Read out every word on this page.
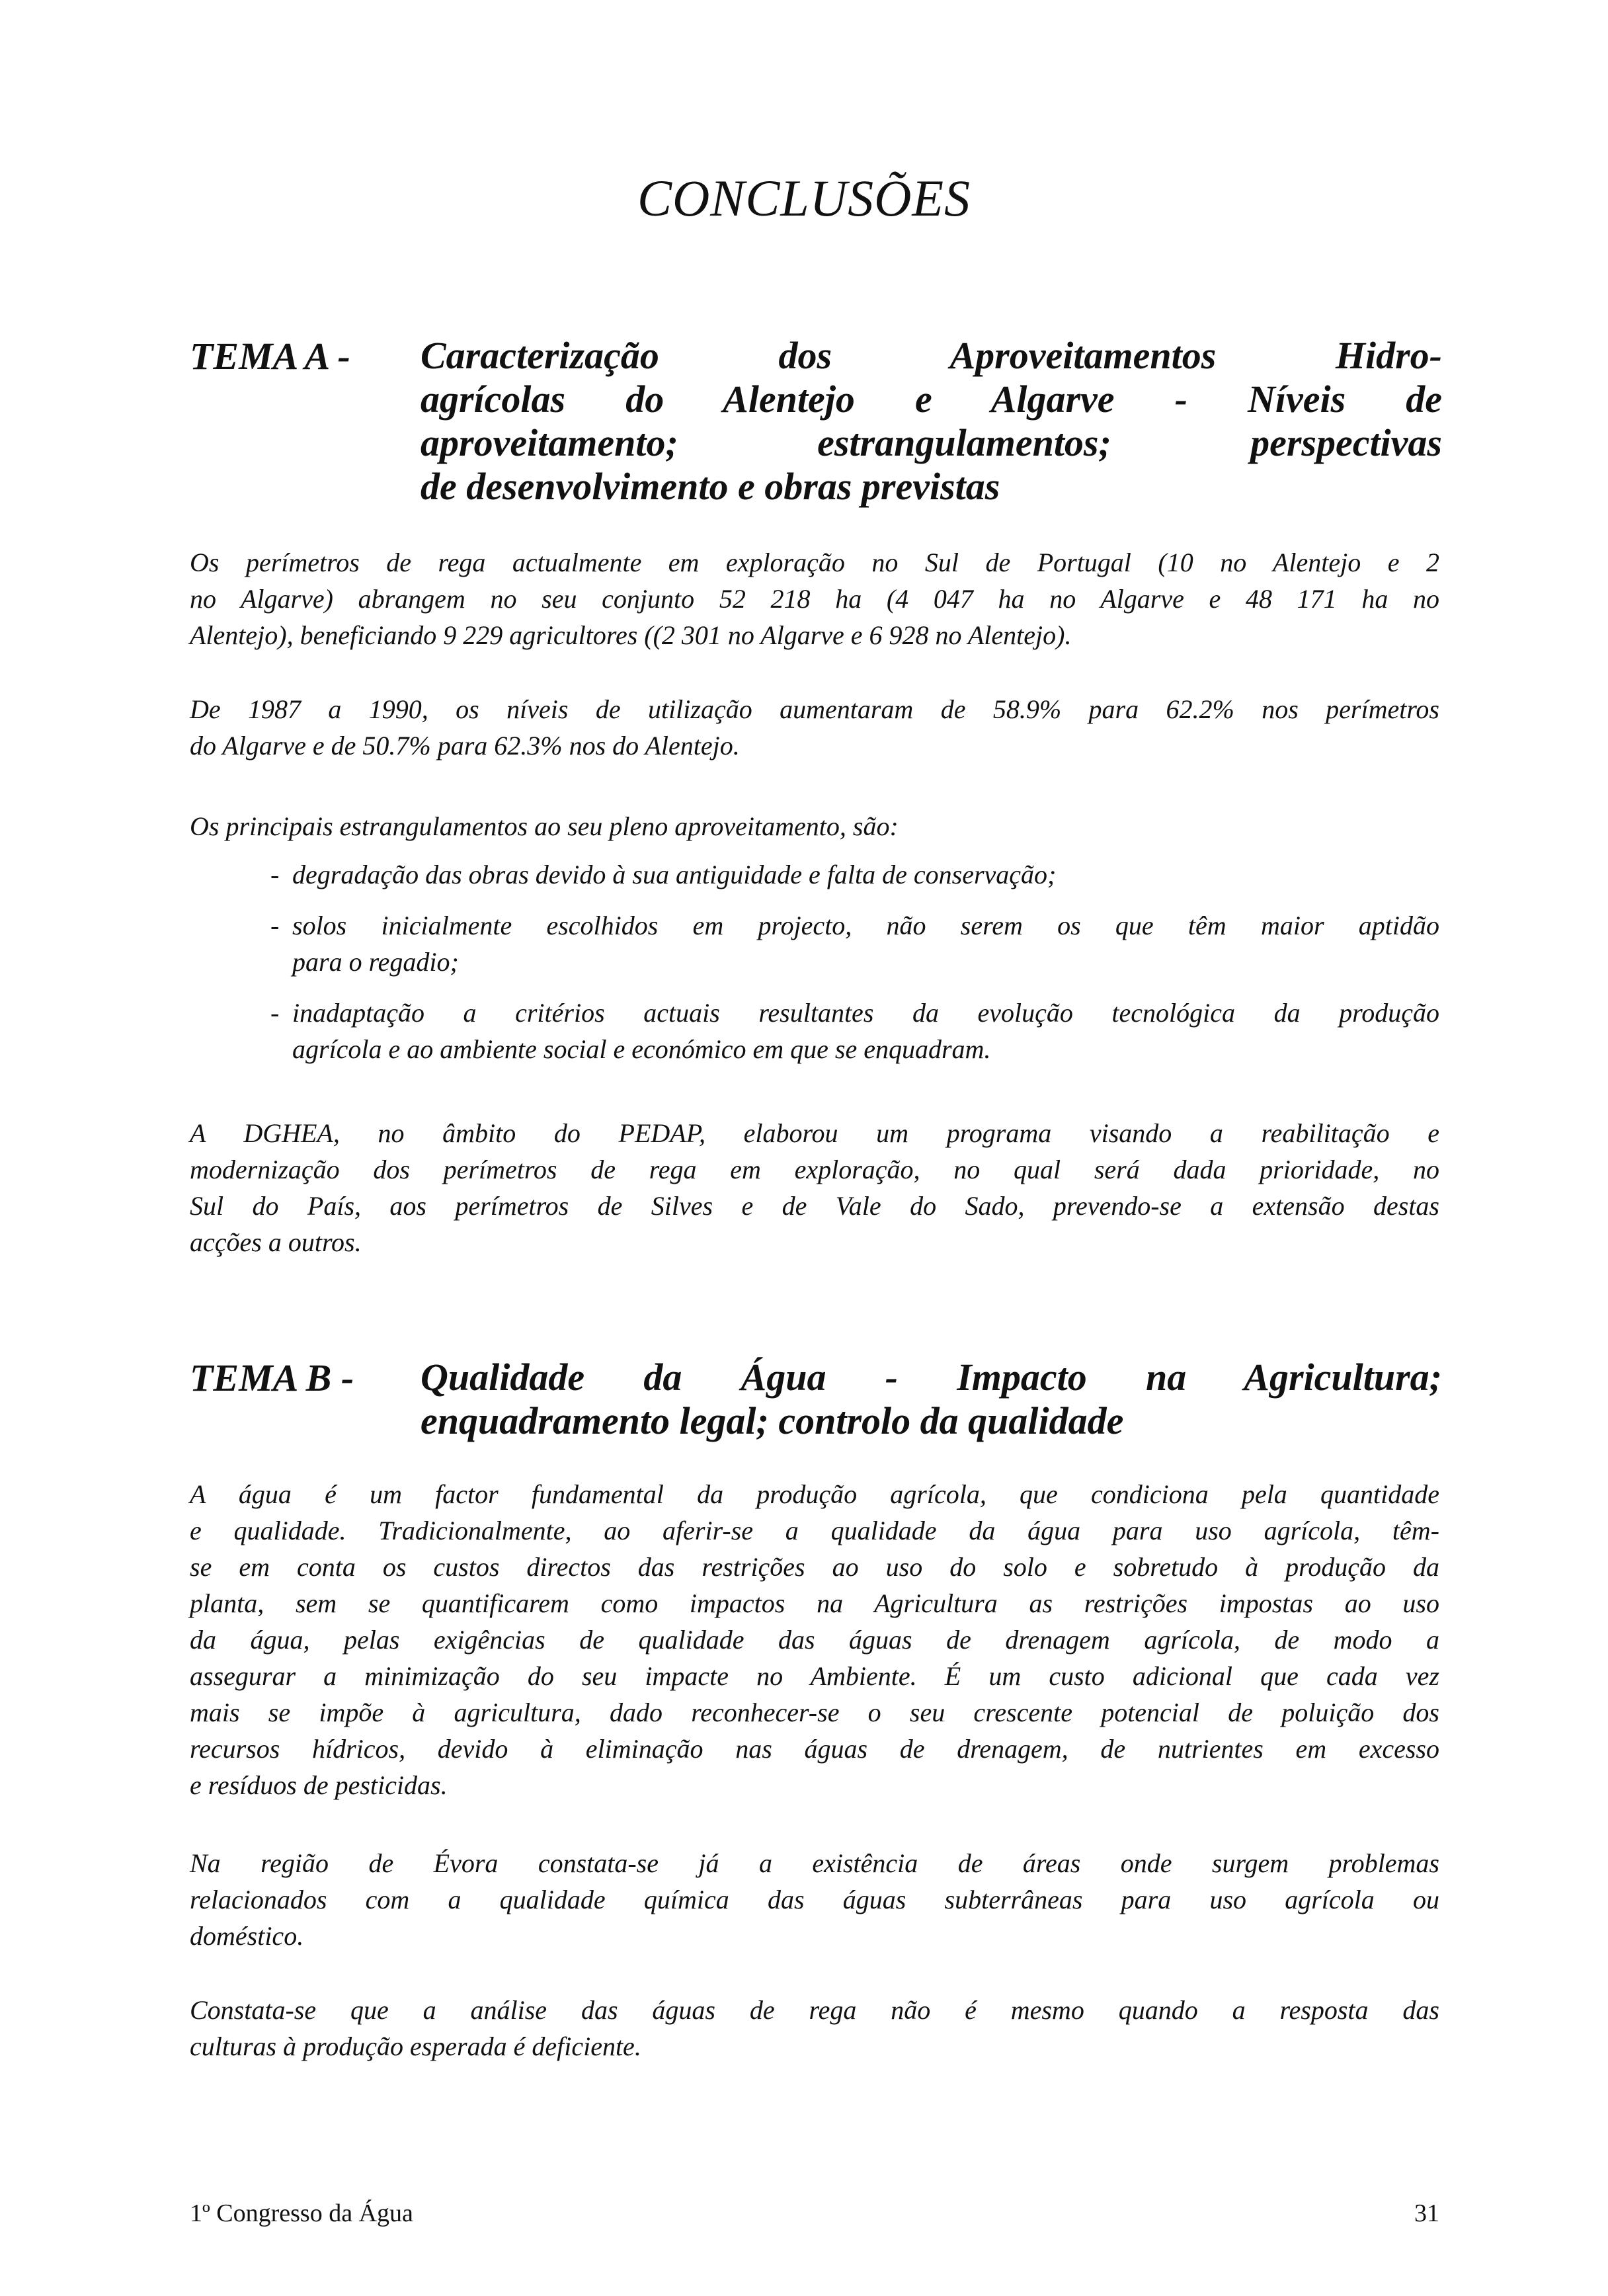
CONCLUSÕES
TEMA A - Caracterização dos Aproveitamentos Hidro-
agrícolas do Alentejo e Algarve - Níveis de
aproveitamento; estrangulamentos; perspectivas
de desenvolvimento e obras previstas
Os perímetros de rega actualmente em exploração no Sul de Portugal (10 no Alentejo e 2
no Algarve) abrangem no seu conjunto 52 218 ha (4 047 ha no Algarve e 48 171 ha no
Alentejo), beneficiando 9 229 agricultores ((2 301 no Algarve e 6 928 no Alentejo).
De 1987 a 1990, os níveis de utilização aumentaram de 58.9% para 62.2% nos perímetros
do Algarve e de 50.7% para 62.3% nos do Alentejo.
Os principais estrangulamentos ao seu pleno aproveitamento, são:
- degradação das obras devido à sua antiguidade e falta de conservação;
- solos inicialmente escolhidos em projecto, não serem os que têm maior aptidão
para o regadio;
- inadaptação a critérios actuais resultantes da evolução tecnológica da produção
agrícola e ao ambiente social e económico em que se enquadram.
A DGHEA, no âmbito do PEDAP, elaborou um programa visando a reabilitação e
modernização dos perímetros de rega em exploração, no qual será dada prioridade, no
Sul do País, aos perímetros de Silves e de Vale do Sado, prevendo-se a extensão destas
acções a outros.
TEMA B - Qualidade da Água - Impacto na Agricultura;
enquadramento legal; controlo da qualidade
A água é um factor fundamental da produção agrícola, que condiciona pela quantidade
e qualidade. Tradicionalmente, ao aferir-se a qualidade da água para uso agrícola, têm-
se em conta os custos directos das restrições ao uso do solo e sobretudo à produção da
planta, sem se quantificarem como impactos na Agricultura as restrições impostas ao uso
da água, pelas exigências de qualidade das águas de drenagem agrícola, de modo a
assegurar a minimização do seu impacte no Ambiente. É um custo adicional que cada vez
mais se impõe à agricultura, dado reconhecer-se o seu crescente potencial de poluição dos
recursos hídricos, devido à eliminação nas águas de drenagem, de nutrientes em excesso
e resíduos de pesticidas.
Na região de Évora constata-se já a existência de áreas onde surgem problemas
relacionados com a qualidade química das águas subterrâneas para uso agrícola ou
doméstico.
Constata-se que a análise das águas de rega não é mesmo quando a resposta das
culturas à produção esperada é deficiente.
1º Congresso da Água	31
